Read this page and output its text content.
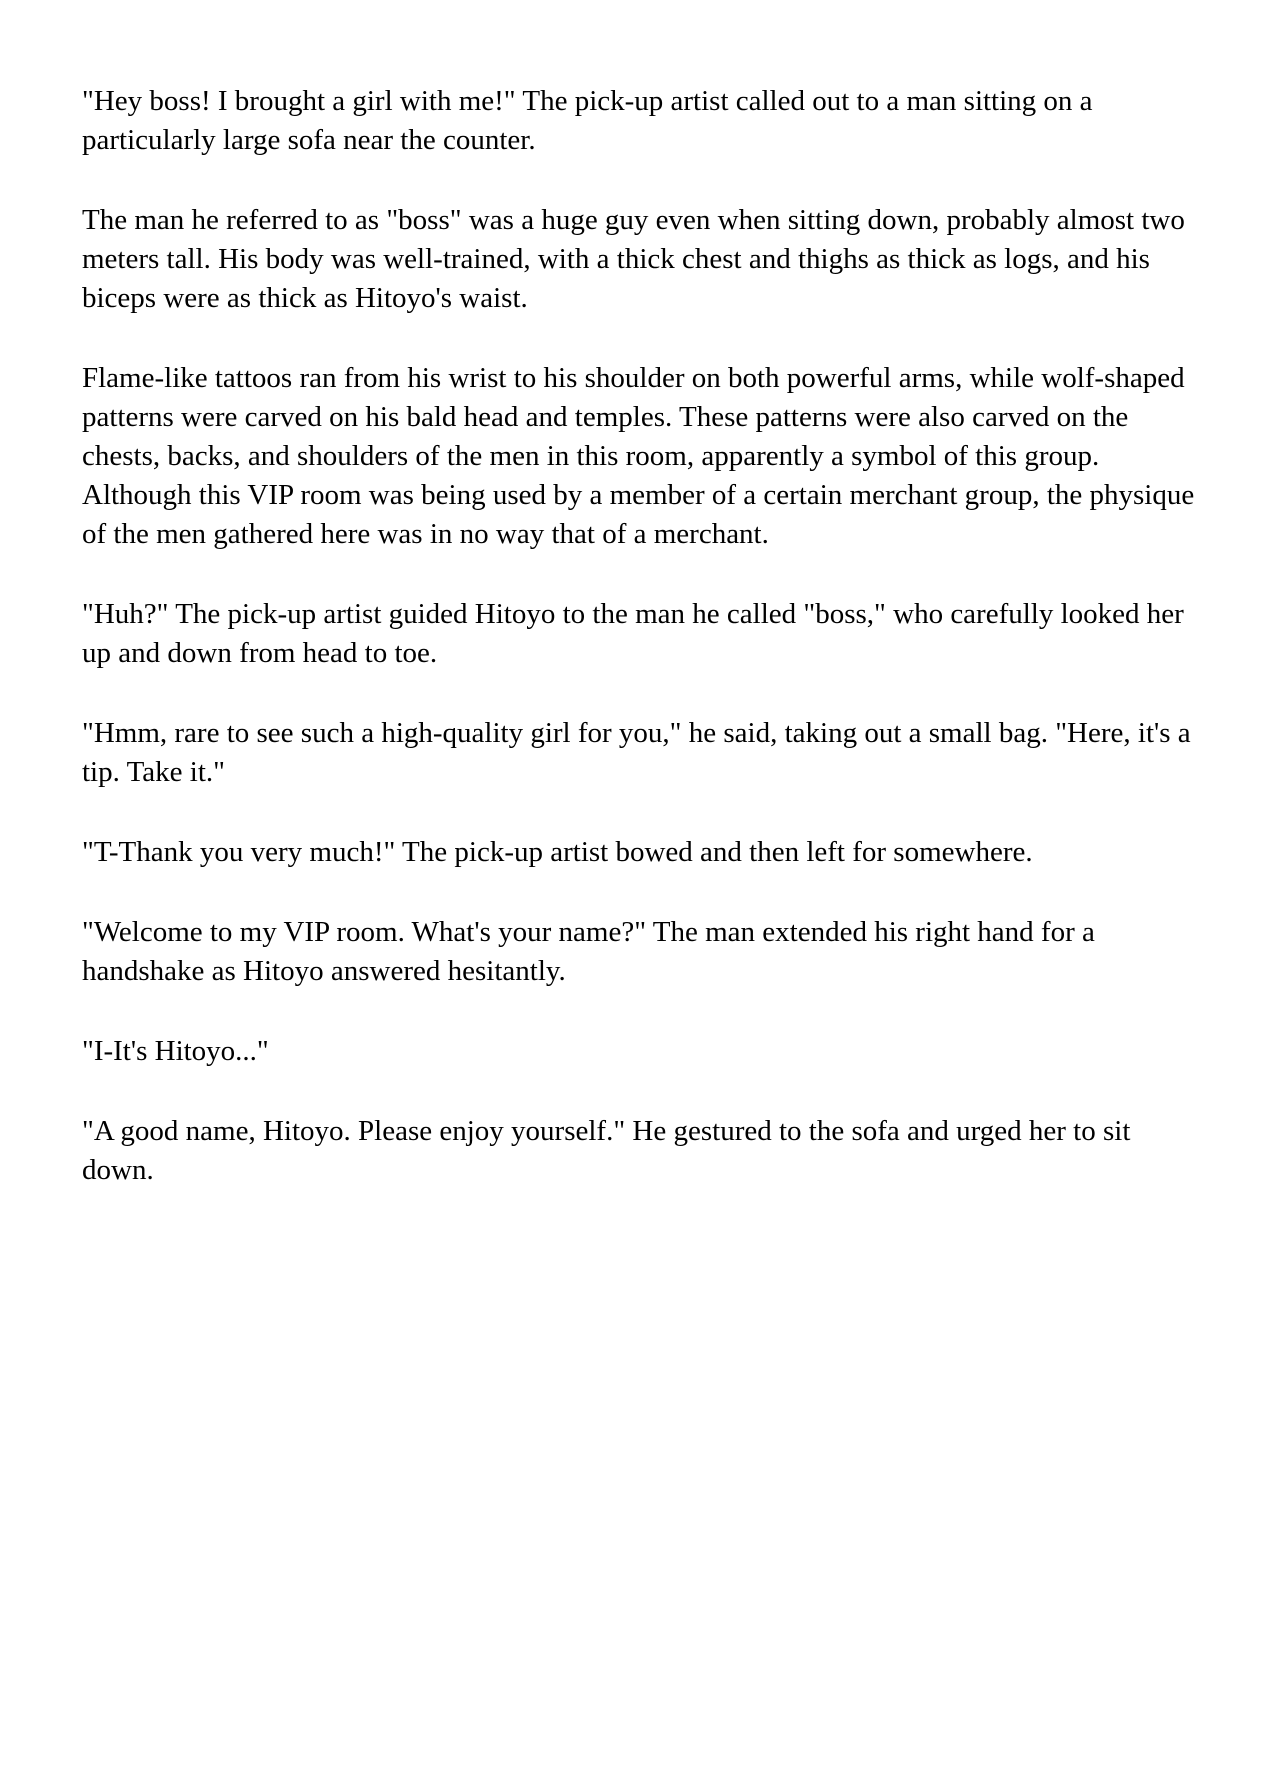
"Hey boss! I brought a girl with me!" The pick-up artist called out to a man sitting on a particularly large sofa near the counter.

The man he referred to as "boss" was a huge guy even when sitting down, probably almost two meters tall. His body was well-trained, with a thick chest and thighs as thick as logs, and his biceps were as thick as Hitoyo's waist.

Flame-like tattoos ran from his wrist to his shoulder on both powerful arms, while wolf-shaped patterns were carved on his bald head and temples. These patterns were also carved on the chests, backs, and shoulders of the men in this room, apparently a symbol of this group. Although this VIP room was being used by a member of a certain merchant group, the physique of the men gathered here was in no way that of a merchant.

"Huh?" The pick-up artist guided Hitoyo to the man he called "boss," who carefully looked her up and down from head to toe.

"Hmm, rare to see such a high-quality girl for you," he said, taking out a small bag. "Here, it's a tip. Take it."

"T-Thank you very much!" The pick-up artist bowed and then left for somewhere.

"Welcome to my VIP room. What's your name?" The man extended his right hand for a handshake as Hitoyo answered hesitantly.

"I-It's Hitoyo..."

"A good name, Hitoyo. Please enjoy yourself." He gestured to the sofa and urged her to sit down.
